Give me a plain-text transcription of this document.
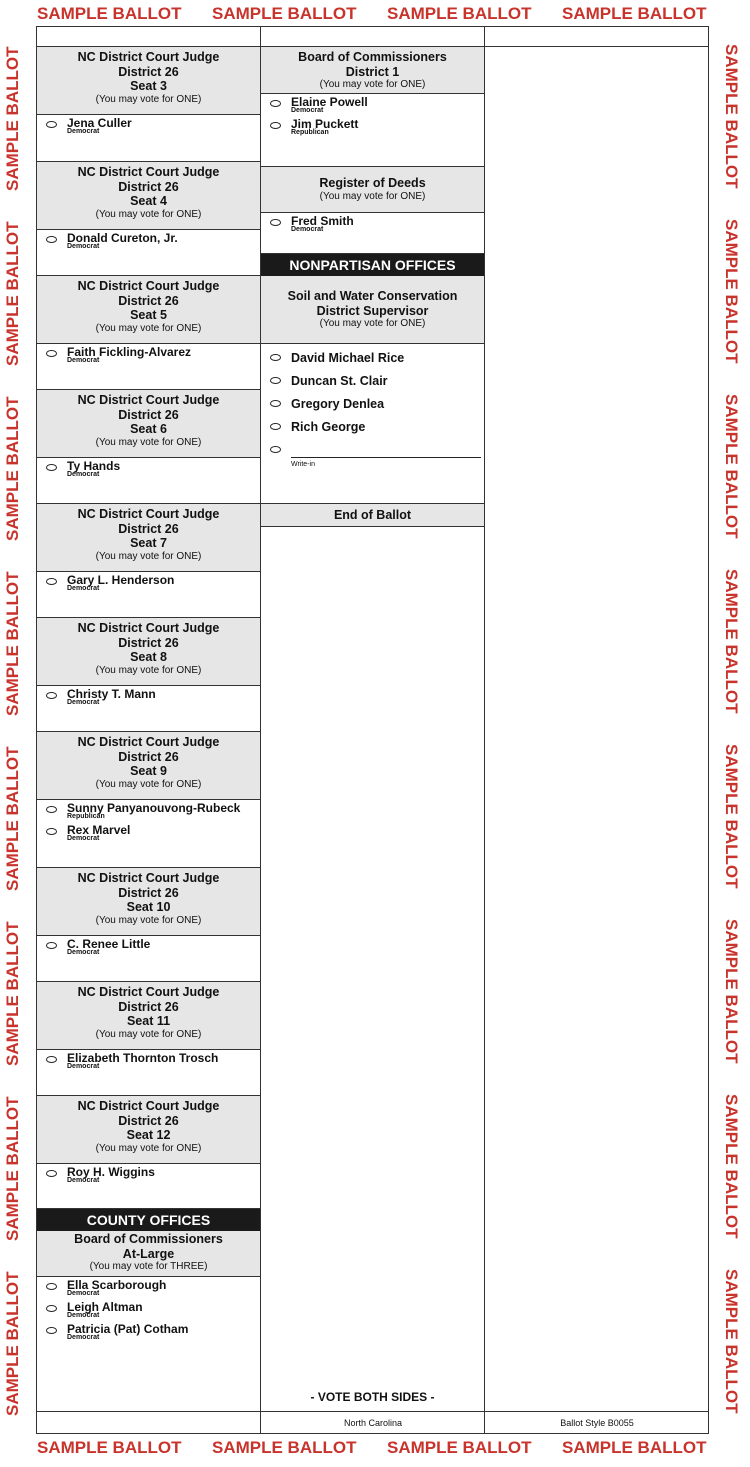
SAMPLE BALLOT
SAMPLE BALLOT
SAMPLE BALLOT
SAMPLE BALLOT
SAMPLE BALLOT
SAMPLE BALLOT
SAMPLE BALLOT
SAMPLE BALLOT
SAMPLE BALLOT
SAMPLE BALLOT
SAMPLE BALLOT
SAMPLE BALLOT
SAMPLE BALLOT
SAMPLE BALLOT
SAMPLE BALLOT
SAMPLE BALLOT
SAMPLE BALLOT
SAMPLE BALLOT
SAMPLE BALLOT
SAMPLE BALLOT
SAMPLE BALLOT
SAMPLE BALLOT
SAMPLE BALLOT
SAMPLE BALLOT
NC District Court Judge
District 26
Seat 3
(You may vote for ONE)
Jena Culler
Democrat
NC District Court Judge
District 26
Seat 4
(You may vote for ONE)
Donald Cureton, Jr.
Democrat
NC District Court Judge
District 26
Seat 5
(You may vote for ONE)
Faith Fickling-Alvarez
Democrat
NC District Court Judge
District 26
Seat 6
(You may vote for ONE)
Ty Hands
Democrat
NC District Court Judge
District 26
Seat 7
(You may vote for ONE)
Gary L. Henderson
Democrat
NC District Court Judge
District 26
Seat 8
(You may vote for ONE)
Christy T. Mann
Democrat
NC District Court Judge
District 26
Seat 9
(You may vote for ONE)
Sunny Panyanouvong-Rubeck
Republican
Rex Marvel
Democrat
NC District Court Judge
District 26
Seat 10
(You may vote for ONE)
C. Renee Little
Democrat
NC District Court Judge
District 26
Seat 11
(You may vote for ONE)
Elizabeth Thornton Trosch
Democrat
NC District Court Judge
District 26
Seat 12
(You may vote for ONE)
Roy H. Wiggins
Democrat
COUNTY OFFICES
Board of Commissioners
At-Large
(You may vote for THREE)
Ella Scarborough
Democrat
Leigh Altman
Democrat
Patricia (Pat) Cotham
Democrat
Board of Commissioners
District 1
(You may vote for ONE)
Elaine Powell
Democrat
Jim Puckett
Republican
Register of Deeds
(You may vote for ONE)
Fred Smith
Democrat
NONPARTISAN OFFICES
Soil and Water Conservation
District Supervisor
(You may vote for ONE)
David Michael Rice
Duncan St. Clair
Gregory Denlea
Rich George
Write-in
End of Ballot
- VOTE BOTH SIDES -
North Carolina	Ballot Style B0055
